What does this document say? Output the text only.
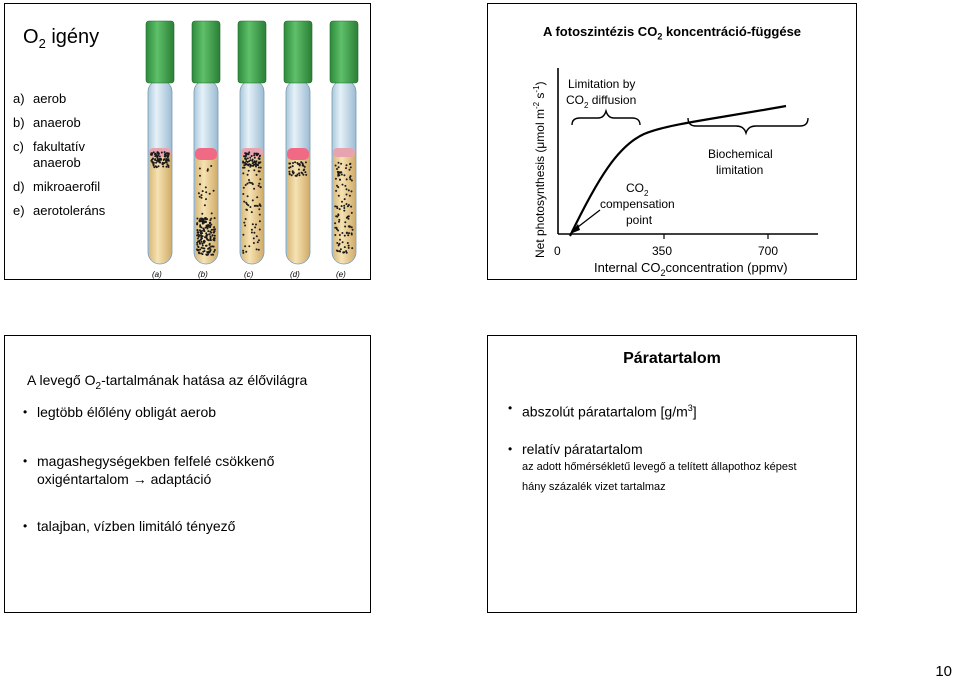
$O_2$ igény
a) aerob
b) anaerob
c) fakultatív
anaerob
d) mikroaerofil
e) aerotoleráns
(a)	(b)	(c)	(d)	(e)
A fotoszintézis $CO_2$ koncentráció-függése
Net photosynthesis (μmol $m^{-2}$ $s^{-1}$)
0	350	700
Internal $CO_2concentration$ (ppmv)
Limitation by
$CO_2$ diffusion
Biochemical
limitation
$CO_2$
compensation
point
A levegő $O_2$-tartalmának hatása az élővilágra
• legtöbb élőlény obligát aerob
• magashegységekben felfelé csökkenő
oxigéntartalom → adaptáció
• talajban, vízben limitáló tényező
Páratartalom
• abszolút páratartalom $[g/m^3]$
• relatív páratartalom
az adott hőmérsékletű levegő a telített állapothoz képest
hány százalék vizet tartalmaz
10
